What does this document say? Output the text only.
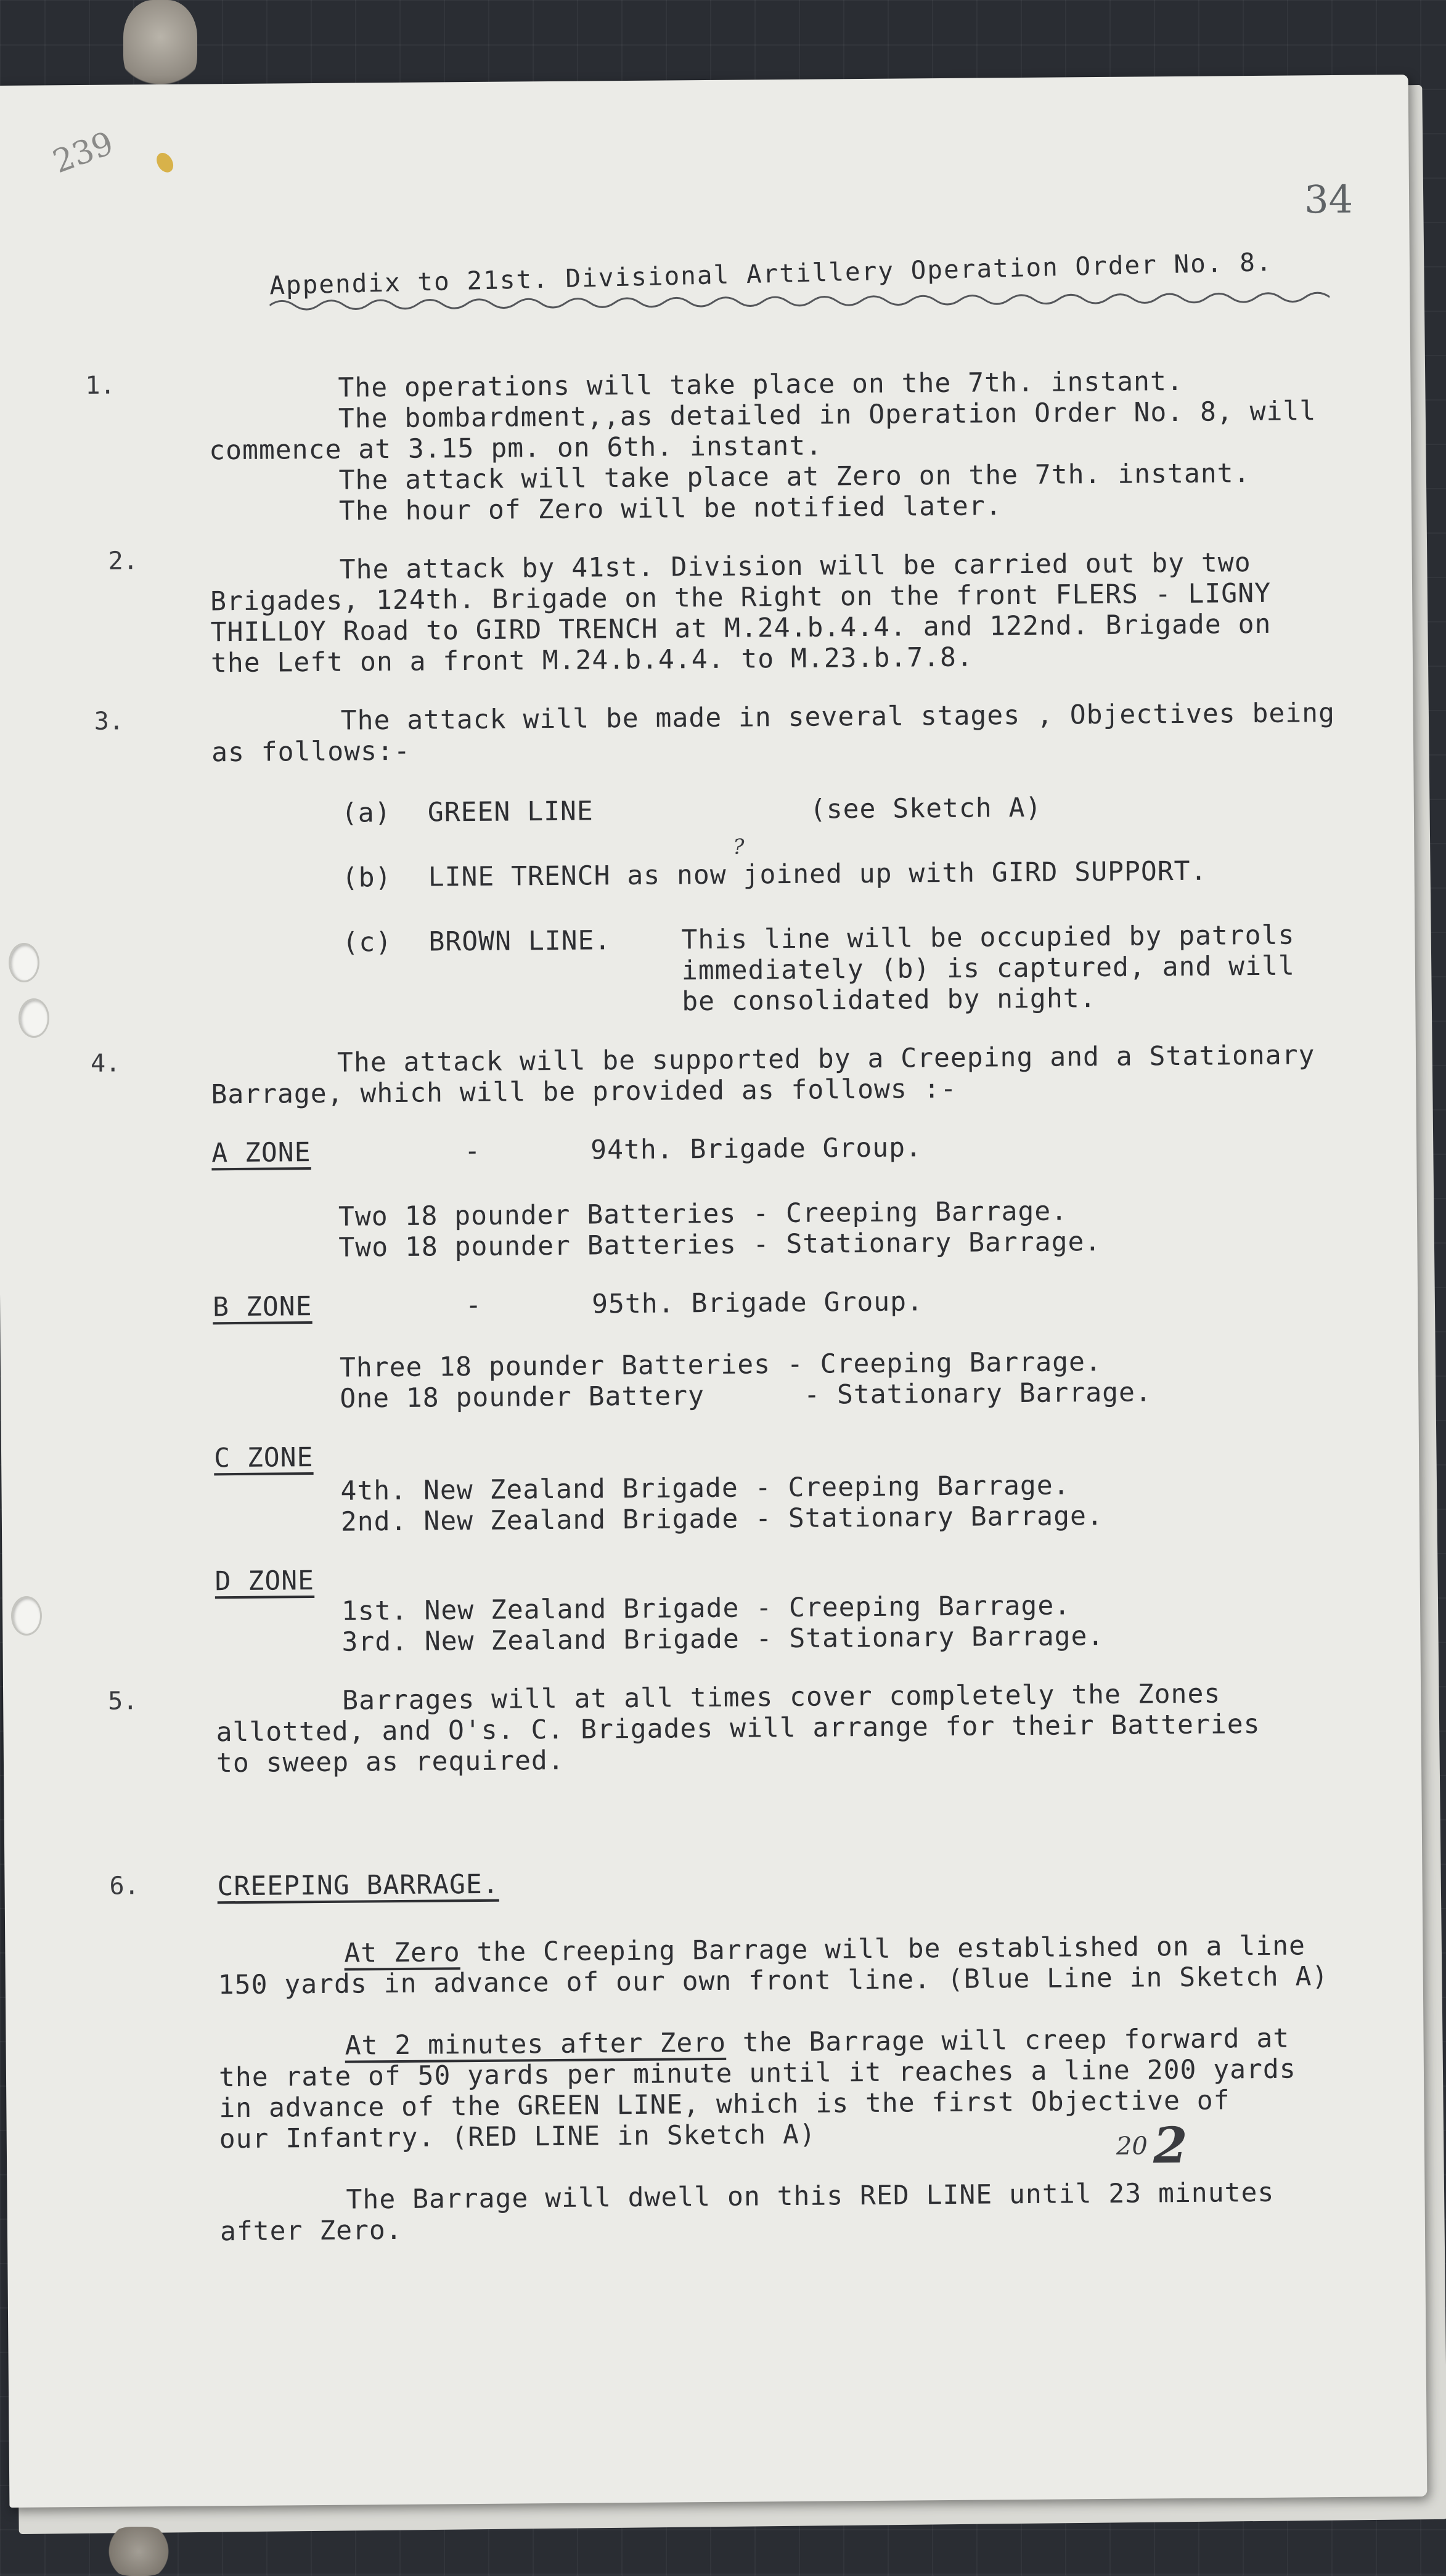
239
34
Appendix to 21st. Divisional Artillery Operation Order No. 8.
1.	The operations will take place on the 7th. instant.
The bombardment,,as detailed in Operation Order No. 8, will
commence at 3.15 pm. on 6th. instant.
The attack will take place at Zero on the 7th. instant.
The hour of Zero will be notified later.
2.	The attack by 41st. Division will be carried out by two
Brigades, 124th. Brigade on the Right on the front FLERS - LIGNY
THILLOY Road to GIRD TRENCH at M.24.b.4.4. and 122nd. Brigade on
the Left on a front M.24.b.4.4. to M.23.b.7.8.
3.	The attack will be made in several stages , Objectives being
as follows:-
(a) GREEN LINE	(see Sketch A)
(b) LINE TRENCH as now joined up with GIRD SUPPORT.
?
(c) BROWN LINE.	This line will be occupied by patrols
immediately (b) is captured, and will
be consolidated by night.
4.	The attack will be supported by a Creeping and a Stationary
Barrage, which will be provided as follows :-
A ZONE	-	94th. Brigade Group.
Two 18 pounder Batteries - Creeping Barrage.
Two 18 pounder Batteries - Stationary Barrage.
B ZONE	-	95th. Brigade Group.
Three 18 pounder Batteries - Creeping Barrage.
One 18 pounder Battery      - Stationary Barrage.
C ZONE
4th. New Zealand Brigade - Creeping Barrage.
2nd. New Zealand Brigade - Stationary Barrage.
D ZONE
1st. New Zealand Brigade - Creeping Barrage.
3rd. New Zealand Brigade - Stationary Barrage.
5.	Barrages will at all times cover completely the Zones
allotted, and O's. C. Brigades will arrange for their Batteries
to sweep as required.
6.	CREEPING BARRAGE.
At Zero the Creeping Barrage will be established on a line
150 yards in advance of our own front line. (Blue Line in Sketch A)
At 2 minutes after Zero the Barrage will creep forward at
the rate of 50 yards per minute until it reaches a line 200 yards
in advance of the GREEN LINE, which is the first Objective of
our Infantry. (RED LINE in Sketch A)
The Barrage will dwell on this RED LINE until 23 minutes
after Zero.
20 2
